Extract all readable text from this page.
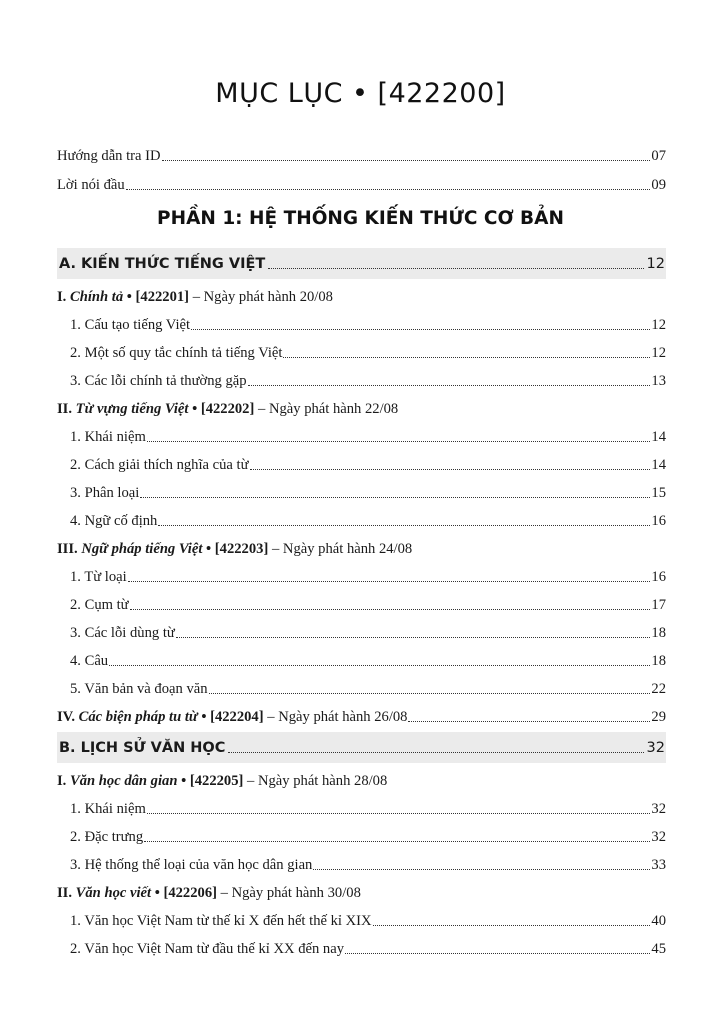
MỤC LỤC • [422200]
Hướng dẫn tra ID	07
Lời nói đầu	09
PHẦN 1: HỆ THỐNG KIẾN THỨC CƠ BẢN
A. KIẾN THỨC TIẾNG VIỆT	12
I. Chính tả • [422201] – Ngày phát hành 20/08
1. Cấu tạo tiếng Việt	12
2. Một số quy tắc chính tả tiếng Việt	12
3. Các lỗi chính tả thường gặp	13
II. Từ vựng tiếng Việt • [422202] – Ngày phát hành 22/08
1. Khái niệm	14
2. Cách giải thích nghĩa của từ	14
3. Phân loại	15
4. Ngữ cố định	16
III. Ngữ pháp tiếng Việt • [422203] – Ngày phát hành 24/08
1. Từ loại	16
2. Cụm từ	17
3. Các lỗi dùng từ	18
4. Câu	18
5. Văn bản và đoạn văn	22
IV. Các biện pháp tu từ • [422204] – Ngày phát hành 26/08	29
B. LỊCH SỬ VĂN HỌC	32
I. Văn học dân gian • [422205] – Ngày phát hành 28/08
1. Khái niệm	32
2. Đặc trưng	32
3. Hệ thống thể loại của văn học dân gian	33
II. Văn học viết • [422206] – Ngày phát hành 30/08
1. Văn học Việt Nam từ thế kỉ X đến hết thế kỉ XIX	40
2. Văn học Việt Nam từ đầu thế kỉ XX đến nay	45
